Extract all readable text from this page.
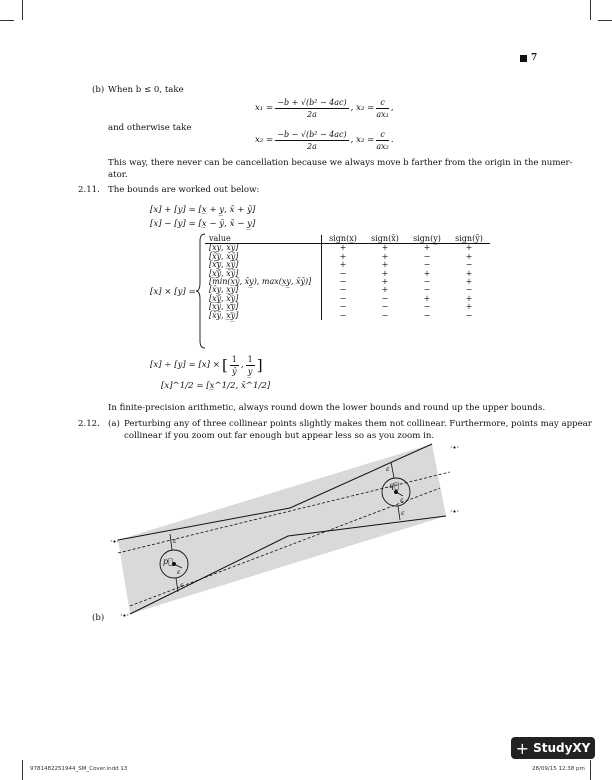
7
(b) When b ≤ 0, take
$x_1 = \frac{\text{−b + √(b² − 4ac)}}{2a}$ , $x_2 = \frac{c}{\text{ax₁}}$ ,
and otherwise take
$x_2 = \frac{\text{−b − √(b² − 4ac)}}{2a}$ , $x_2 = \frac{c}{\text{ax₂}}$ .
This way, there never can be cancellation because we always move b farther from the origin in the numer-
ator.
2.11. The bounds are worked out below:
[x] + [y] = [x̲ + y̲, x̄ + ȳ]
[x] − [y] = [x̲ − ȳ, x̄ − y̲]
[x] × [y] =
value	sign(x̲)	sign(x̄)	sign(y̲)	sign(ȳ)
[x̲y̲, x̄ȳ]	+	+	+	+
[x̄y̲, x̄ȳ]	+	+	−	+
[x̄y̲, x̲ȳ]	+	+	−	−
[x̲ȳ, x̄ȳ]	−	+	+	+
[min(x̲ȳ, x̄y̲), max(x̲y̲, x̄ȳ)]	−	+	−	+
[x̄y̲, x̲y̲]	−	+	−	−
[x̲ȳ, x̄y̲]	−	−	+	+
[x̲ȳ, x̲y̲]	−	−	−	+
[x̄ȳ, x̲y̲]	−	−	−	−
[x] ÷ [y] = [x] × [ $\frac{1}{ȳ}$ , $\frac{1}{y̲}$ ]
[x]^1/2 = [x̲^1/2, x̄^1/2]
In finite-precision arithmetic, always round down the lower bounds and round up the upper bounds.
2.12. (a) Perturbing any of three collinear points slightly makes them not collinear. Furthermore, points may appear
collinear if you zoom out far enough but appear less so as you zoom in.
·∙·
·∙·
·∙·
·∙·
p⃗
ε
ε
ε
q⃗
ε
ε
ε
(b)
+ StudyXY
9781482251944_SM_Cover.indd 13	28/09/15 12:38 pm
